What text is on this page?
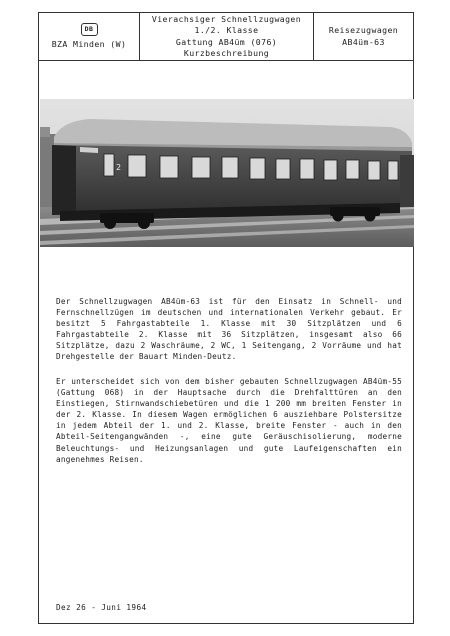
DB
BZA Minden (W)
Vierachsiger Schnellzugwagen
1./2. Klasse
Gattung AB4üm (076)
Kurzbeschreibung
Reisezugwagen
AB4üm-63
2
Der Schnellzugwagen AB4üm-63 ist für den Einsatz in Schnell- und Fernschnellzügen im deutschen und internationalen Verkehr gebaut. Er besitzt 5 Fahrgastabteile 1. Klasse mit 30 Sitzplätzen und 6 Fahrgastabteile 2. Klasse mit 36 Sitzplätzen, insgesamt also 66 Sitzplätze, dazu 2 Waschräume, 2 WC, 1 Seitengang, 2 Vorräume und hat Drehgestelle der Bauart Minden-Deutz.
Er unterscheidet sich von dem bisher gebauten Schnellzugwagen AB4üm-55 (Gattung 068) in der Hauptsache durch die Drehfalttüren an den Einstiegen, Stirnwandschiebetüren und die 1 200 mm breiten Fenster in der 2. Klasse. In diesem Wagen ermöglichen 6 ausziehbare Polstersitze in jedem Abteil der 1. und 2. Klasse, breite Fenster - auch in den Abteil-Seitengangwänden -, eine gute Geräuschisolierung, moderne Beleuchtungs- und Heizungsanlagen und gute Laufeigenschaften ein angenehmes Reisen.
Dez 26 - Juni 1964
